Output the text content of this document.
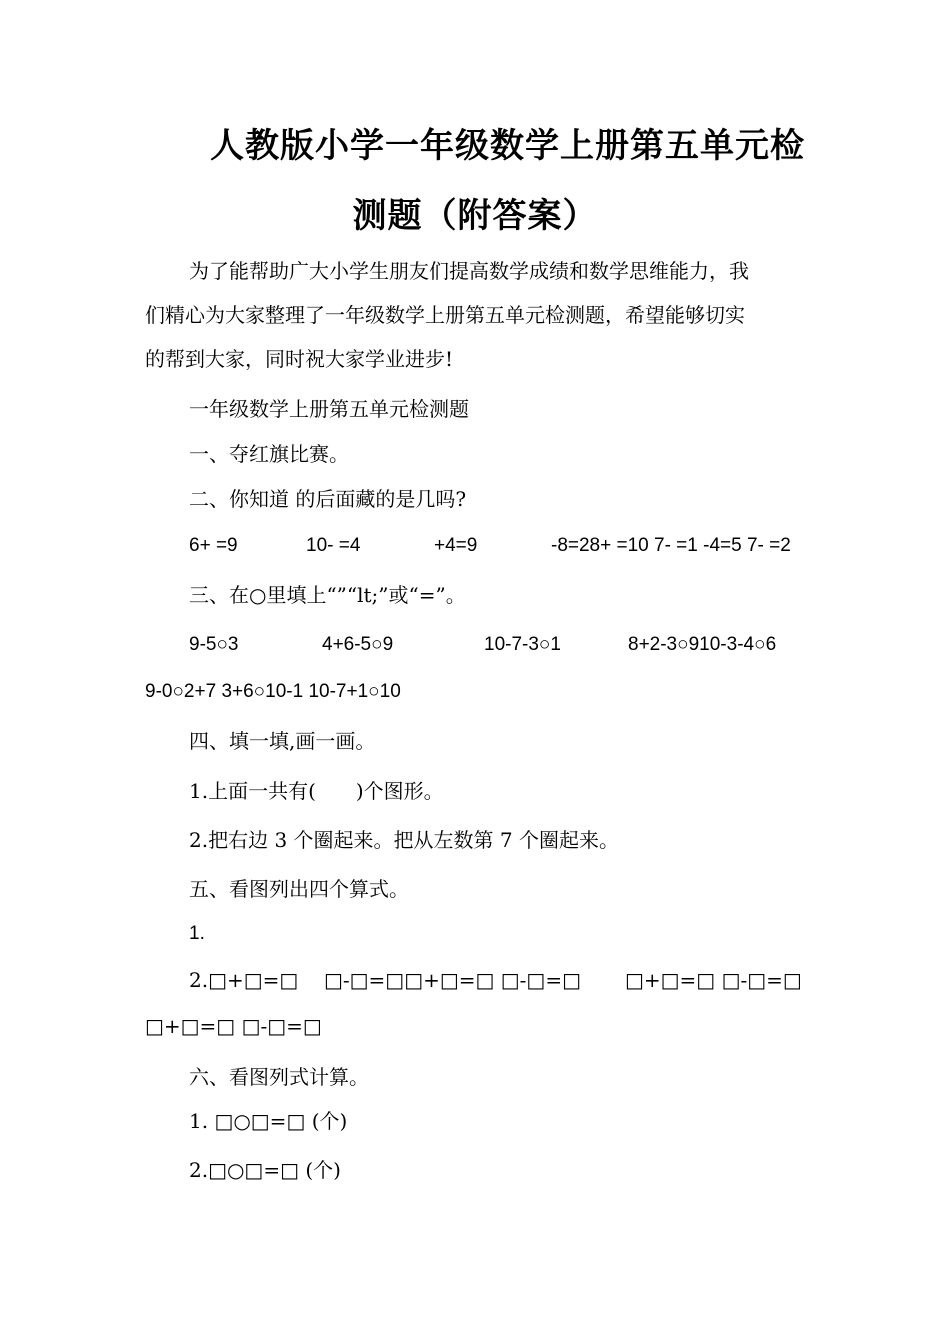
人教版小学一年级数学上册第五单元检
测题（附答案）
为了能帮助广大小学生朋友们提高数学成绩和数学思维能力，我
们精心为大家整理了一年级数学上册第五单元检测题，希望能够切实
的帮到大家，同时祝大家学业进步!
一年级数学上册第五单元检测题
一、夺红旗比赛。
二、你知道 的后面藏的是几吗?
6+ =9	10- =4	+4=9	-8=28+ =10 7- =1 -4=5 7- =2
三、在○里填上“”“lt;”或“=”。
9-5○3	4+6-5○9	10-7-3○1	8+2-3○910-3-4○6
9-0○2+7 3+6○10-1 10-7+1○10
四、填一填,画一画。
1.上面一共有(　　)个图形。
2.把右边 3 个圈起来。把从左数第 7 个圈起来。
五、看图列出四个算式。
1.
2.□+□=□ □-□=□□+□=□ □-□=□ □+□=□ □-□=□
□+□=□ □-□=□
六、看图列式计算。
1. □○□=□ (个)
2.□○□=□ (个)
